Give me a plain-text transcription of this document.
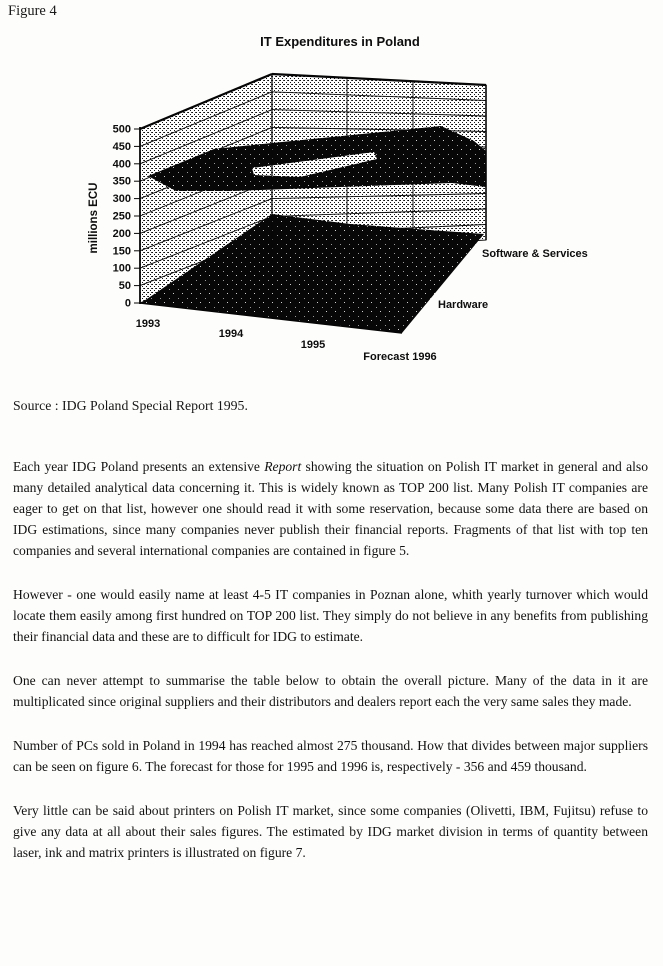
Figure 4
IT Expenditures in Poland
500
450
400
350
300
250
200
150
100
50
0
millions ECU
1993
1994
1995
Forecast 1996
Software & Services
Hardware
Source : IDG Poland Special Report 1995.

Each year IDG Poland presents an extensive Report showing the situation on Polish IT market in general and also many detailed analytical data concerning it. This is widely known as TOP 200 list. Many Polish IT companies are eager to get on that list, however one should read it with some reservation, because some data there are based on IDG estimations, since many companies never publish their financial reports. Fragments of that list with top ten companies and several international companies are contained in figure 5.

However - one would easily name at least 4-5 IT companies in Poznan alone, whith yearly turnover which would locate them easily among first hundred on TOP 200 list. They simply do not believe in any benefits from publishing their financial data and these are to difficult for IDG to estimate.

One can never attempt to summarise the table below to obtain the overall picture. Many of the data in it are multiplicated since original suppliers and their distributors and dealers report each the very same sales they made.

Number of PCs sold in Poland in 1994 has reached almost 275 thousand. How that divides between major suppliers can be seen on figure 6. The forecast for those for 1995 and 1996 is, respectively - 356 and 459 thousand.

Very little can be said about printers on Polish IT market, since some companies (Olivetti, IBM, Fujitsu) refuse to give any data at all about their sales figures. The estimated by IDG market division in terms of quantity between laser, ink and matrix printers is illustrated on figure 7.
